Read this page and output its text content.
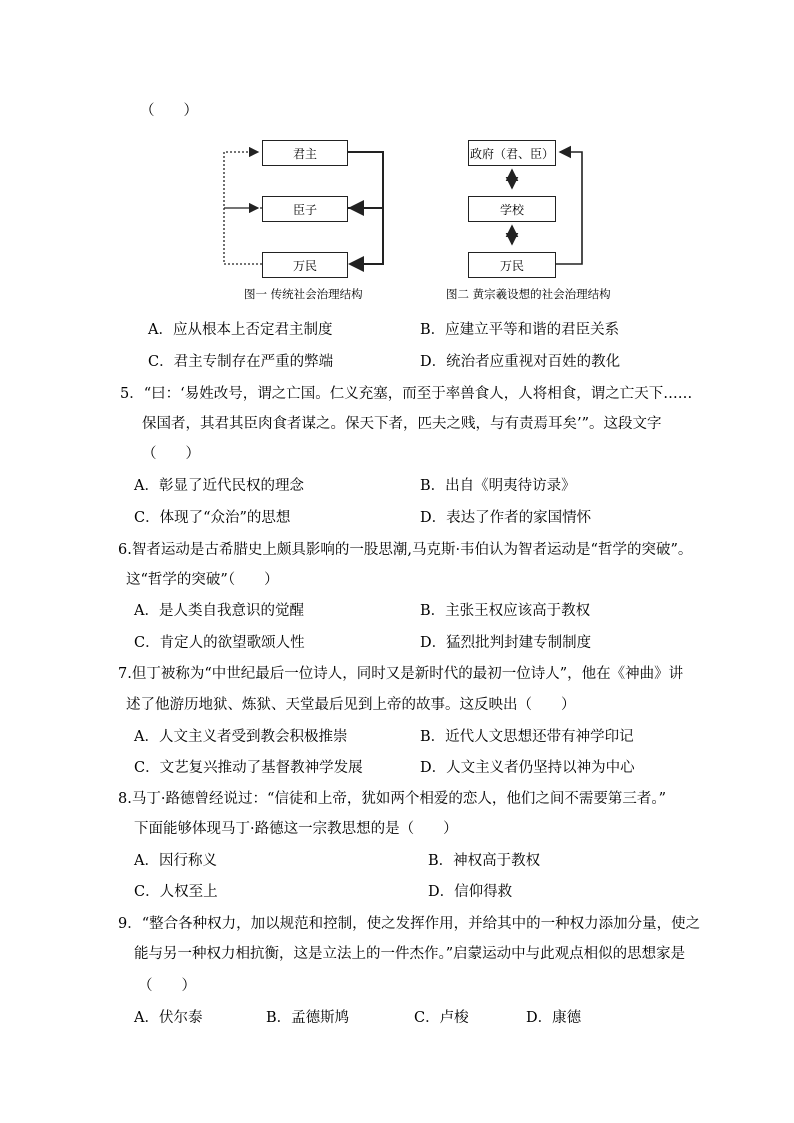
（　　）
君主
臣子
万民
图一 传统社会治理结构
政府（君、臣）
学校
万民
图二 黄宗羲设想的社会治理结构
A．应从根本上否定君主制度	B．应建立平等和谐的君臣关系
C．君主专制存在严重的弊端	D．统治者应重视对百姓的教化
5．“曰：‘易姓改号，谓之亡国。仁义充塞，而至于率兽食人，人将相食，谓之亡天下……
保国者，其君其臣肉食者谋之。保天下者，匹夫之贱，与有责焉耳矣’”。这段文字
（　　）
A．彰显了近代民权的理念	B．出自《明夷待访录》
C．体现了“众治”的思想	D．表达了作者的家国情怀
6.智者运动是古希腊史上颇具影响的一股思潮,马克斯·韦伯认为智者运动是“哲学的突破”。
这“哲学的突破”（　　）
A．是人类自我意识的觉醒	B．主张王权应该高于教权
C．肯定人的欲望歌颂人性	D．猛烈批判封建专制制度
7.但丁被称为“中世纪最后一位诗人，同时又是新时代的最初一位诗人”，他在《神曲》讲
述了他游历地狱、炼狱、天堂最后见到上帝的故事。这反映出（　　）
A．人文主义者受到教会积极推崇	B．近代人文思想还带有神学印记
C．文艺复兴推动了基督教神学发展	D．人文主义者仍坚持以神为中心
8.马丁·路德曾经说过：“信徒和上帝，犹如两个相爱的恋人，他们之间不需要第三者。”
下面能够体现马丁·路德这一宗教思想的是（　　）
A．因行称义	B．神权高于教权
C．人权至上	D．信仰得救
9．“整合各种权力，加以规范和控制，使之发挥作用，并给其中的一种权力添加分量，使之
能与另一种权力相抗衡，这是立法上的一件杰作。”启蒙运动中与此观点相似的思想家是
（　　）
A．伏尔泰	B．孟德斯鸠	C．卢梭	D．康德
